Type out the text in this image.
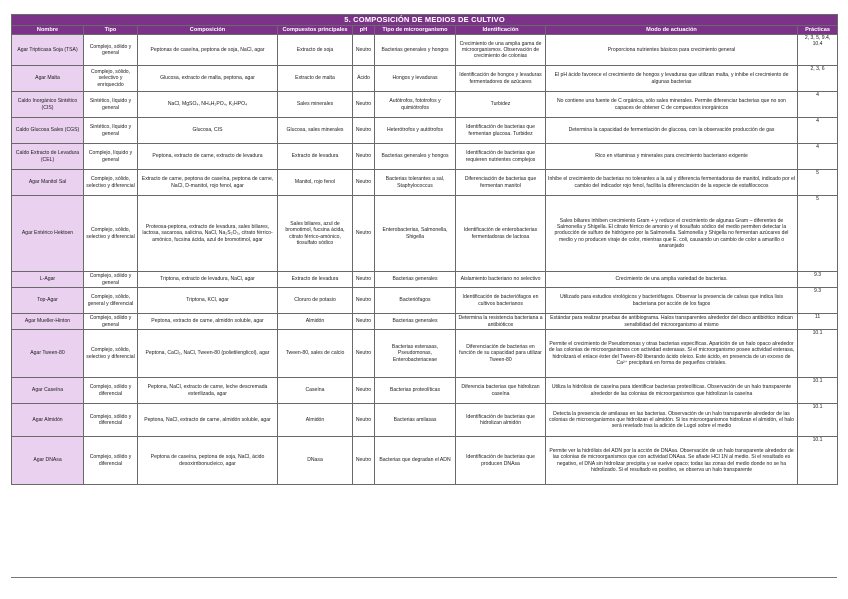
5. COMPOSICIÓN DE MEDIOS DE CULTIVO								
Nombre	Tipo	Composición	Compuestos principales	pH	Tipo de microorganismo	Identificación	Modo de actuación	Prácticas
Agar Tripticasa Soja (TSA)	Complejo, sólido y general	Peptonas de caseína, peptona de soja, NaCl, agar	Extracto de soja	Neutro	Bacterias generales y hongos	Crecimiento de una amplia gama de microorganismos. Observación de crecimiento de colonias	Proporciona nutrientes básicos para crecimiento general	2, 3, 5, 9.4, 10.4
Agar Malta	Complejo, sólido, selectivo y enriquecido	Glucosa, extracto de malta, peptona, agar	Extracto de malta	Ácido	Hongos y levaduras	Identificación de hongos y levaduras fermentadores de azúcares	El pH ácido favorece el crecimiento de hongos y levaduras que utilizan malta, y inhibe el crecimiento de algunas bacterias	2, 3, 6
Caldo Inorgánico Sintético (CIS)	Sintético, líquido y general	NaCl, MgSO₄, NH₄H₂PO₄, K₂HPO₄	Sales minerales	Neutro	Autótrofos, fototrofos y quimiótrofos	Turbidez	No contiene una fuente de C orgánica, sólo sales minerales. Permite diferenciar bacterias que no son capaces de obtener C de compuestos inorgánicos	4
Caldo Glucosa Sales (CGS)	Sintético, líquido y general	Glucosa, CIS	Glucosa, sales minerales	Neutro	Heterótrofos y autótrofos	Identificación de bacterias que fermentan glucosa. Turbidez	Determina la capacidad de fermentación de glucosa, con la observación producción de gas	4
Caldo Extracto de Levadura (CEL)	Complejo, líquido y general	Peptona, extracto de carne, extracto de levadura	Extracto de levadura	Neutro	Bacterias generales y hongos	Identificación de bacterias que requieren nutrientes complejos	Rico en vitaminas y minerales para crecimiento bacteriano exigente	4
Agar Manitol Sal	Complejo, sólido, selectivo y diferencial	Extracto de carne, peptona de caseína, peptona de carne, NaCl, D-manitol, rojo fenol, agar	Manitol, rojo fenol	Neutro	Bacterias tolerantes a sal, Staphylococcus	Diferenciación de bacterias que fermentan manitol	Inhibe el crecimiento de bacterias no tolerantes a la sal y diferencia fermentadoras de manitol, indicado por el cambio del indicador rojo fenol, facilita la diferenciación de la especie de estafilococos	5
Agar Entérico Hektoen	Complejo, sólido, selectivo y diferencial	Proteosa-peptona, extracto de levadura, sales biliares, lactosa, sacarosa, salicina, NaCl, Na₂S₂O₃, citrato férrico-amónico, fucsina ácida, azul de bromotimol, agar	Sales biliares, azul de bromotimol, fucsina ácida, citrato férrico-amónico, tiosulfato sódico	Neutro	Enterobacterias, Salmonella, Shigella	Identificación de enterobacterias fermentadoras de lactosa	Sales biliares inhiben crecimiento Gram + y reduce el crecimiento de algunas Gram – diferentes de Salmonella y Shigella. El citrato férrico de amonio y el tiosulfato sódico del medio permiten detectar la producción de sulfuro de hidrógeno por la Salmonella. Salmonella y Shigella no fermentan azúcares del medio y no producen viraje de color, mientras que E. coli, causando un cambio de color a amarillo o anaranjado	5
L-Agar	Complejo, sólido y general	Triptona, extracto de levadura, NaCl, agar	Extracto de levadura	Neutro	Bacterias generales	Aislamiento bacteriano no selectivo	Crecimiento de una amplia variedad de bacterias.	9.3
Top-Agar	Complejo, sólido, general y diferencial	Triptona, KCl, agar	Cloruro de potasio	Neutro	Bacteriófagos	Identificación de bacteriófagos en cultivos bacterianos	Utilizado para estudios virológicos y bacteriófagos. Observar la presencia de calvas que indica lisis bacteriana por acción de los fagos	9.3
Agar Mueller-Hinton	Complejo, sólido y general	Peptona, extracto de carne, almidón soluble, agar	Almidón	Neutro	Bacterias generales	Determina la resistencia bacteriana a antibióticos	Estándar para realizar pruebas de antibiograma. Halos transparentes alrededor del disco antibiótico indican sensibilidad del microorganismo al mismo	11
Agar Tween-80	Complejo, sólido, selectivo y diferencial	Peptona, CaCl₂, NaCl, Tween-80 (polietilenglicol), agar	Tween-80, sales de calcio	Neutro	Bacterias esterasas, Pseudomonas, Enterobacteriaceae	Diferenciación de bacterias en función de su capacidad para utilizar Tween-80	Permite el crecimiento de Pseudomonas y otras bacterias específicas. Aparición de un halo opaco alrededor de las colonias de microorganismos con actividad esterasas. Si el microorganismo posee actividad esterasa, hidrolizará el enlace éster del Tween-80 liberando ácido oleico. Este ácido, en presencia de un exceso de Ca²⁺ precipitará en forma de pequeños cristales.	10.1
Agar Caseína	Complejo, sólido y diferencial	Peptona, NaCl, extracto de carne, leche descremada esterilizada, agar	Caseína	Neutro	Bacterias proteolíticas	Diferencia bacterias que hidrolizan caseína	Utiliza la hidrólisis de caseína para identificar bacterias proteolíticas. Observación de un halo transparente alrededor de las colonias de microorganismos que hidrolizan la caseína	10.1
Agar Almidón	Complejo, sólido y diferencial	Peptona, NaCl, extracto de carne, almidón soluble, agar	Almidón	Neutro	Bacterias amilasas	Identificación de bacterias que hidrolizan almidón	Detecta la presencia de amilasas en las bacterias. Observación de un halo transparente alrededor de las colonias de microorganismos que hidrolizan el almidón. Si los microorganismos hidrolizan el almidón, el halo será revelado tras la adición de Lugol sobre el medio	10.1
Agar DNAsa	Complejo, sólido y diferencial	Peptona de caseína, peptona de soja, NaCl, ácido desoxirribonucleico, agar	DNasa	Neutro	Bacterias que degradan el ADN	Identificación de bacterias que producen DNAsa	Permite ver la hidrólisis del ADN por la acción de DNAsa. Observación de un halo transparente alrededor de las colonias de microorganismos que con actividad DNAsa. Se añade HCl 1N al medio. Si el resultado es negativo, el DNA sin hidrolizar precipita y se vuelve opaco; todas las zonas del medio donde no se ha hidrolizado. Si el resultado es positivo, se observa un halo transparente	10.1
